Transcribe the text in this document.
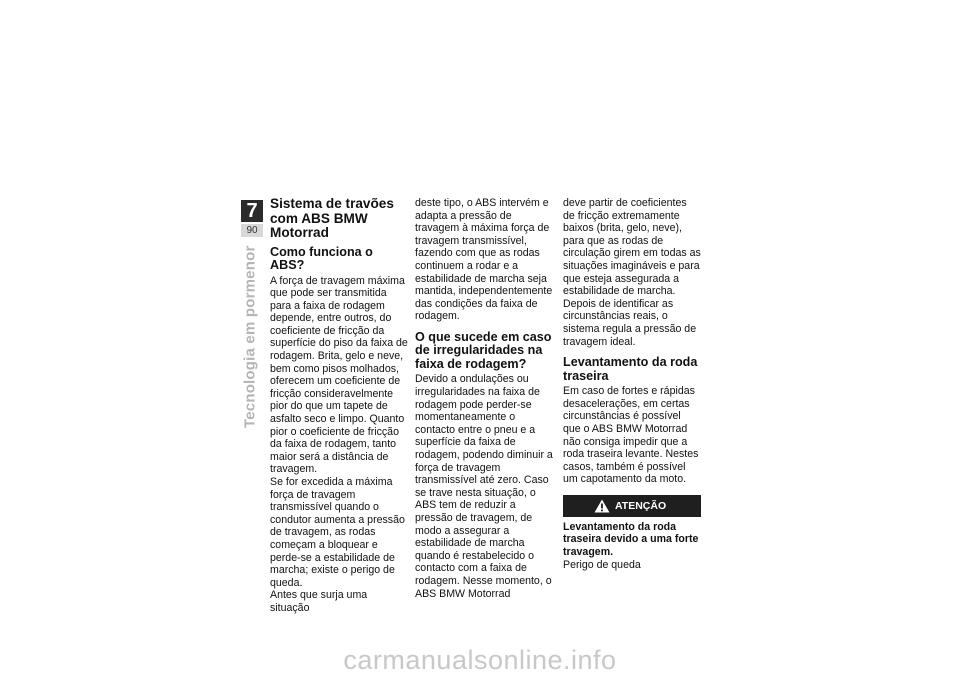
7
90
Tecnologia em pormenor
Sistema de travões com ABS BMW Motorrad
Como funciona o ABS?

A força de travagem máxima que pode ser transmitida para a faixa de rodagem depende, entre outros, do coeficiente de fricção da superfície do piso da faixa de rodagem. Brita, gelo e neve, bem como pisos molhados, oferecem um coeficiente de fricção consideravelmente pior do que um tapete de asfalto seco e limpo. Quanto pior o coeficiente de fricção da faixa de rodagem, tanto maior será a distância de travagem.

Se for excedida a máxima força de travagem transmissível quando o condutor aumenta a pressão de travagem, as rodas começam a bloquear e perde-se a estabilidade de marcha; existe o perigo de queda.

Antes que surja uma situação

deste tipo, o ABS intervém e adapta a pressão de travagem à máxima força de travagem transmissível, fazendo com que as rodas continuem a rodar e a estabilidade de marcha seja mantida, independentemente das condições da faixa de rodagem.

O que sucede em caso de irregularidades na faixa de rodagem?

Devido a ondulações ou irregularidades na faixa de rodagem pode perder-se momentaneamente o contacto entre o pneu e a superfície da faixa de rodagem, podendo diminuir a força de travagem transmissível até zero. Caso se trave nesta situação, o ABS tem de reduzir a pressão de travagem, de modo a assegurar a estabilidade de marcha quando é restabelecido o contacto com a faixa de rodagem. Nesse momento, o ABS BMW Motorrad

deve partir de coeficientes de fricção extremamente baixos (brita, gelo, neve), para que as rodas de circulação girem em todas as situações imagináveis e para que esteja assegurada a estabilidade de marcha. Depois de identificar as circunstâncias reais, o sistema regula a pressão de travagem ideal.

Levantamento da roda traseira

Em caso de fortes e rápidas desacelerações, em certas circunstâncias é possível que o ABS BMW Motorrad não consiga impedir que a roda traseira levante. Nestes casos, também é possível um capotamento da moto.

ATENÇÃO

Levantamento da roda traseira devido a uma forte travagem.

Perigo de queda

carmanualsonline.info
